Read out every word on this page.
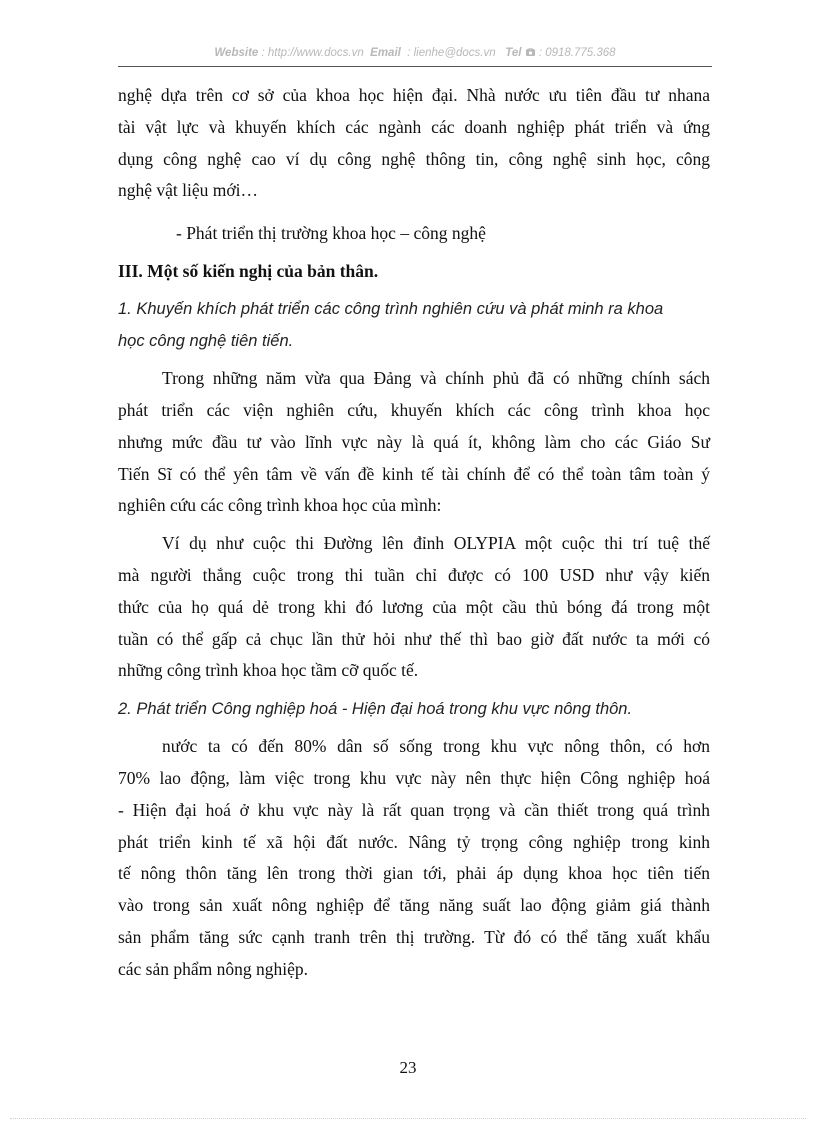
Website : http://www.docs.vn Email : lienhe@docs.vn Tel : 0918.775.368
nghệ dựa trên cơ sở của khoa học hiện đại. Nhà nước ưu tiên đầu tư nhana
tài vật lực và khuyến khích các ngành các doanh nghiệp phát triển và ứng
dụng công nghệ cao ví dụ công nghệ thông tin, công nghệ sinh học, công
nghệ vật liệu mới…
- Phát triển thị trường khoa học – công nghệ
III. Một số kiến nghị của bản thân.
1. Khuyến khích phát triển các công trình nghiên cứu và phát minh ra khoa
học công nghệ tiên tiến.
Trong những năm vừa qua Đảng và chính phủ đã có những chính sách
phát triển các viện nghiên cứu, khuyến khích các công trình khoa học
nhưng mức đầu tư vào lĩnh vực này là quá ít, không làm cho các Giáo Sư
Tiến Sĩ có thể yên tâm về vấn đề kinh tế tài chính để có thể toàn tâm toàn ý
nghiên cứu các công trình khoa học của mình:
Ví dụ như cuộc thi Đường lên đỉnh OLYPIA một cuộc thi trí tuệ thế
mà người thắng cuộc trong thi tuần chỉ được có 100 USD như vậy kiến
thức của họ quá dẻ trong khi đó lương của một cầu thủ bóng đá trong một
tuần có thể gấp cả chục lần thử hỏi như thế thì bao giờ đất nước ta mới có
những công trình khoa học tầm cỡ quốc tế.
2. Phát triển Công nghiệp hoá - Hiện đại hoá trong khu vực nông thôn.
nước ta có đến 80% dân số sống trong khu vực nông thôn, có hơn
70% lao động, làm việc trong khu vực này nên thực hiện Công nghiệp hoá
- Hiện đại hoá ở khu vực này là rất quan trọng và cần thiết trong quá trình
phát triển kinh tế xã hội đất nước. Nâng tỷ trọng công nghiệp trong kinh
tế nông thôn tăng lên trong thời gian tới, phải áp dụng khoa học tiên tiến
vào trong sản xuất nông nghiệp để tăng năng suất lao động giảm giá thành
sản phẩm tăng sức cạnh tranh trên thị trường. Từ đó có thể tăng xuất khẩu
các sản phẩm nông nghiệp.
23
